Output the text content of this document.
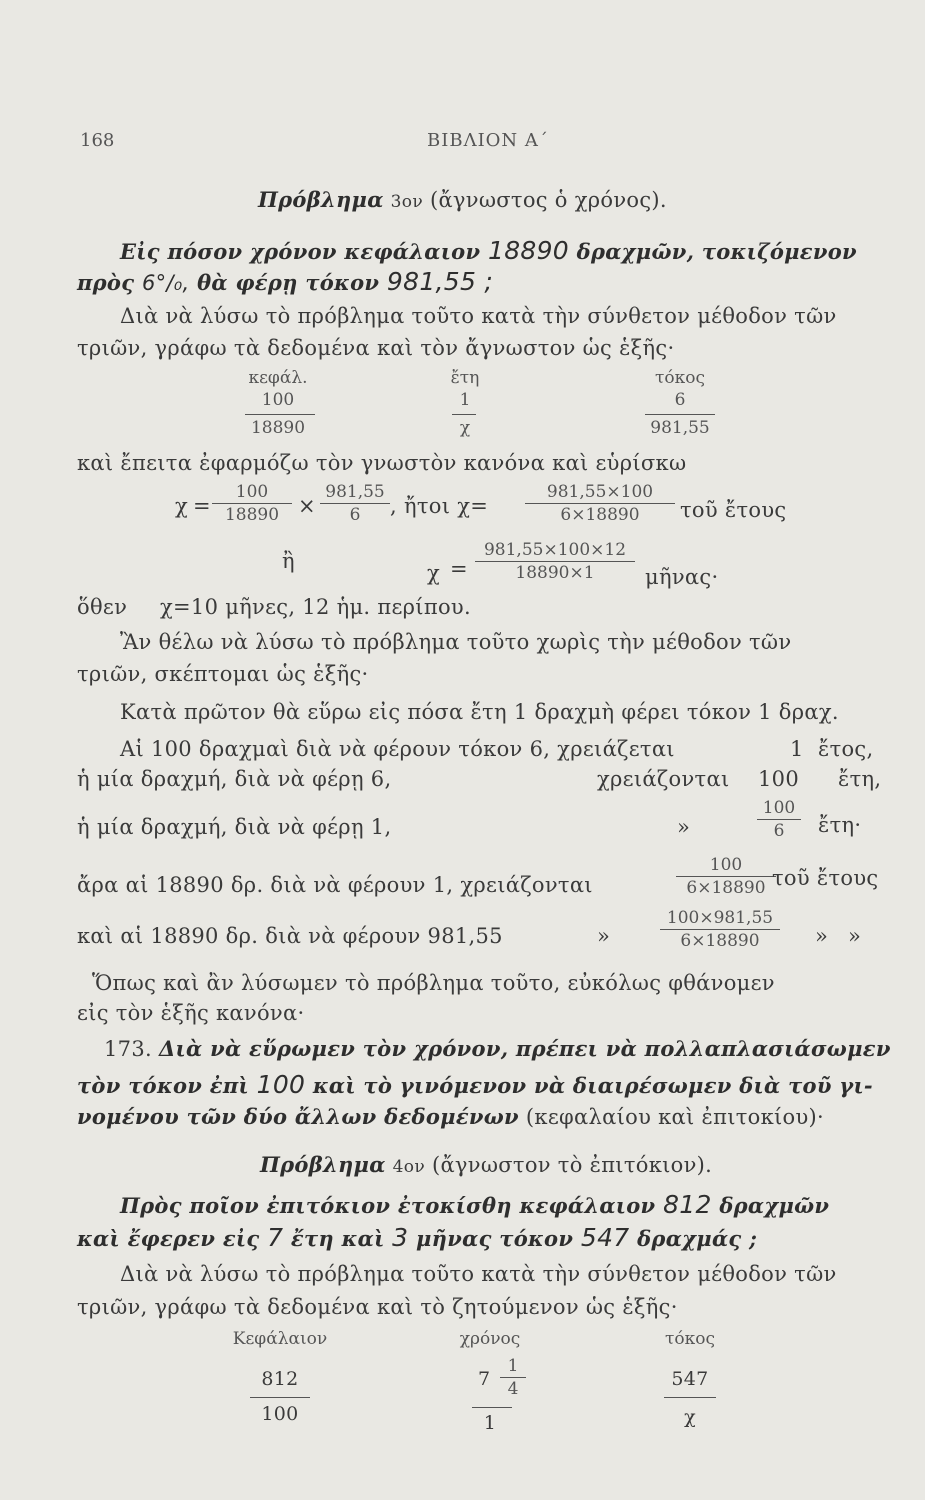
168	ΒΙΒΛΙΟΝ Α΄
Πρόβλημα 3ον (ἄγνωστος ὁ χρόνος).
Εἰς πόσον χρόνον κεφάλαιον 18890 δραχμῶν, τοκιζόμενον
πρὸς 6°/₀, θὰ φέρῃ τόκον 981,55 ;
Διὰ νὰ λύσω τὸ πρόβλημα τοῦτο κατὰ τὴν σύνθετον μέθοδον τῶν
τριῶν, γράφω τὰ δεδομένα καὶ τὸν ἄγνωστον ὡς ἑξῆς·
κεφάλ.	ἔτη	τόκος
100	1	6
18890	χ	981,55
καὶ ἔπειτα ἐφαρμόζω τὸν γνωστὸν κανόνα καὶ εὑρίσκω
$\chi = \frac{100}{18890} \times \frac{981,55}{6}$ , ἤτοι $\chi= \frac{981,55\times 100}{6\times 18890}$ τοῦ ἔτους
ἢ	$\chi = \frac{981,55\times 100\times 12}{18890\times 1}$ μῆνας·
ὅθεν χ=10 μῆνες, 12 ἡμ. περίπου.
Ἂν θέλω νὰ λύσω τὸ πρόβλημα τοῦτο χωρὶς τὴν μέθοδον τῶν
τριῶν, σκέπτομαι ὡς ἑξῆς·
Κατὰ πρῶτον θὰ εὕρω εἰς πόσα ἔτη 1 δραχμὴ φέρει τόκον 1 δραχ.
Αἱ 100 δραχμαὶ διὰ νὰ φέρουν τόκον 6, χρειάζεται	1 ἔτος,
ἡ μία δραχμή, διὰ νὰ φέρῃ 6,	χρειάζονται 100 ἔτη,
ἡ μία δραχμή, διὰ νὰ φέρῃ 1,	»	$\frac{100}{6}$ ἔτη·
ἄρα αἱ 18890 δρ. διὰ νὰ φέρουν 1, χρειάζονται	$\frac{100}{6\times 18890}$
τοῦ ἔτους
καὶ αἱ 18890 δρ. διὰ νὰ φέρουν 981,55	»	$\frac{100\times 981,55}{6\times 18890}$ » »
Ὅπως καὶ ἂν λύσωμεν τὸ πρόβλημα τοῦτο, εὐκόλως φθάνομεν
εἰς τὸν ἑξῆς κανόνα·
173. Διὰ νὰ εὕρωμεν τὸν χρόνον, πρέπει νὰ πολλαπλασιάσωμεν
τὸν τόκον ἐπὶ 100 καὶ τὸ γινόμενον νὰ διαιρέσωμεν διὰ τοῦ γι-
νομένου τῶν δύο ἄλλων δεδομένων (κεφαλαίου καὶ ἐπιτοκίου)·
Πρόβλημα 4ον (ἄγνωστον τὸ ἐπιτόκιον).
Πρὸς ποῖον ἐπιτόκιον ἐτοκίσθη κεφάλαιον 812 δραχμῶν
καὶ ἔφερεν εἰς 7 ἔτη καὶ 3 μῆνας τόκον 547 δραχμάς ;
Διὰ νὰ λύσω τὸ πρόβλημα τοῦτο κατὰ τὴν σύνθετον μέθοδον τῶν
τριῶν, γράφω τὰ δεδομένα καὶ τὸ ζητούμενον ὡς ἑξῆς·
Κεφάλαιον	χρόνος	τόκος
812	$7 \frac{1}{4}$	547
100	1	χ
